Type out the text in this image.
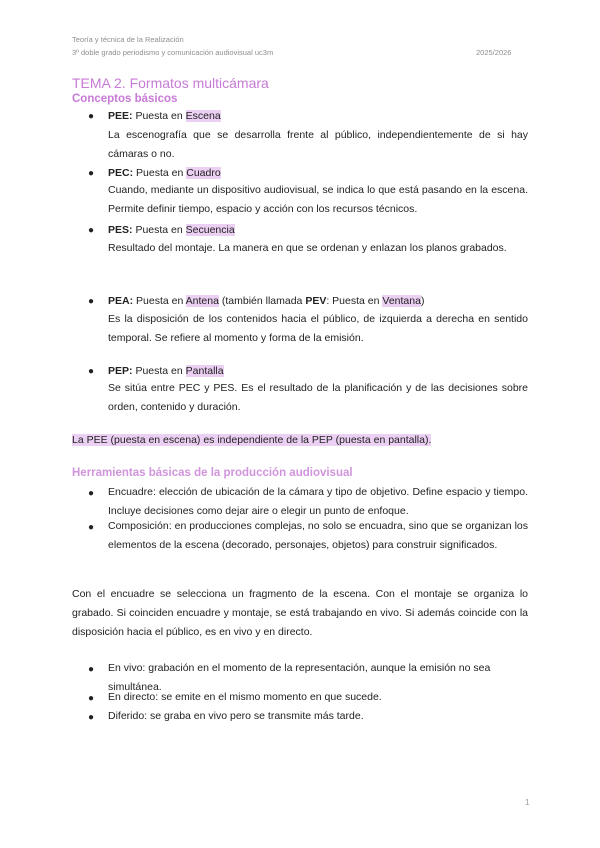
Teoría y técnica de la Realización
3º doble grado periodismo y comunicación audiovisual uc3m	2025/2026
TEMA 2. Formatos multicámara
Conceptos básicos
● PEE: Puesta en Escena
La escenografía que se desarrolla frente al público, independientemente de si hay cámaras o no.
● PEC: Puesta en Cuadro
Cuando, mediante un dispositivo audiovisual, se indica lo que está pasando en la escena. Permite definir tiempo, espacio y acción con los recursos técnicos.
● PES: Puesta en Secuencia
Resultado del montaje. La manera en que se ordenan y enlazan los planos grabados.
● PEA: Puesta en Antena (también llamada PEV: Puesta en Ventana)
Es la disposición de los contenidos hacia el público, de izquierda a derecha en sentido temporal. Se refiere al momento y forma de la emisión.
● PEP: Puesta en Pantalla
Se sitúa entre PEC y PES. Es el resultado de la planificación y de las decisiones sobre orden, contenido y duración.
La PEE (puesta en escena) es independiente de la PEP (puesta en pantalla).
Herramientas básicas de la producción audiovisual
● Encuadre: elección de ubicación de la cámara y tipo de objetivo. Define espacio y tiempo. Incluye decisiones como dejar aire o elegir un punto de enfoque.
● Composición: en producciones complejas, no solo se encuadra, sino que se organizan los elementos de la escena (decorado, personajes, objetos) para construir significados.
Con el encuadre se selecciona un fragmento de la escena. Con el montaje se organiza lo grabado. Si coinciden encuadre y montaje, se está trabajando en vivo. Si además coincide con la disposición hacia el público, es en vivo y en directo.
● En vivo: grabación en el momento de la representación, aunque la emisión no sea simultánea.
● En directo: se emite en el mismo momento en que sucede.
● Diferido: se graba en vivo pero se transmite más tarde.
1
